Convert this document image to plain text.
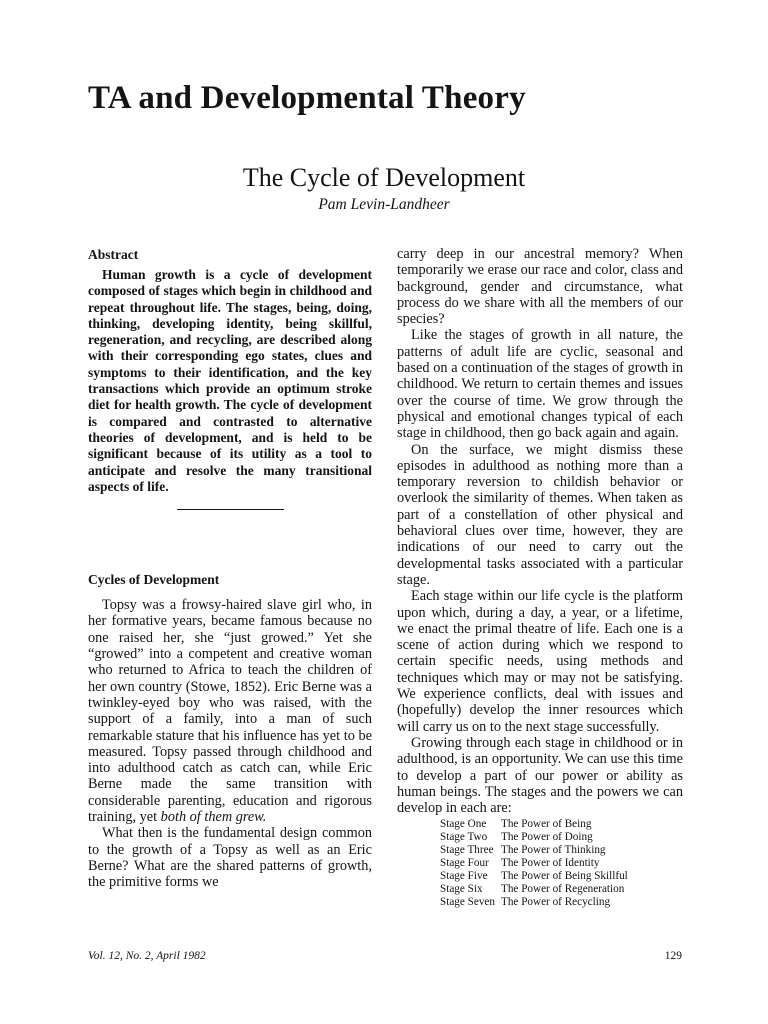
TA and Developmental Theory
The Cycle of Development
Pam Levin-Landheer
Abstract

Human growth is a cycle of development composed of stages which begin in childhood and repeat throughout life. The stages, being, doing, thinking, developing identity, being skillful, regeneration, and recycling, are described along with their corresponding ego states, clues and symptoms to their identification, and the key transactions which provide an optimum stroke diet for health growth. The cycle of development is compared and contrasted to alternative theories of development, and is held to be significant because of its utility as a tool to anticipate and resolve the many transitional aspects of life.

Cycles of Development

Topsy was a frowsy-haired slave girl who, in her formative years, became famous because no one raised her, she “just growed.” Yet she “growed” into a competent and creative woman who returned to Africa to teach the children of her own country (Stowe, 1852). Eric Berne was a twinkley-eyed boy who was raised, with the support of a family, into a man of such remarkable stature that his influence has yet to be measured. Topsy passed through childhood and into adulthood catch as catch can, while Eric Berne made the same transition with considerable parenting, education and rigorous training, yet both of them grew.

What then is the fundamental design common to the growth of a Topsy as well as an Eric Berne? What are the shared patterns of growth, the primitive forms we

carry deep in our ancestral memory? When temporarily we erase our race and color, class and background, gender and circumstance, what process do we share with all the members of our species?

Like the stages of growth in all nature, the patterns of adult life are cyclic, seasonal and based on a continuation of the stages of growth in childhood. We return to certain themes and issues over the course of time. We grow through the physical and emotional changes typical of each stage in childhood, then go back again and again.

On the surface, we might dismiss these episodes in adulthood as nothing more than a temporary reversion to childish behavior or overlook the similarity of themes. When taken as part of a constellation of other physical and behavioral clues over time, however, they are indications of our need to carry out the developmental tasks associated with a particular stage.

Each stage within our life cycle is the platform upon which, during a day, a year, or a lifetime, we enact the primal theatre of life. Each one is a scene of action during which we respond to certain specific needs, using methods and techniques which may or may not be satisfying. We experience conflicts, deal with issues and (hopefully) develop the inner resources which will carry us on to the next stage successfully.

Growing through each stage in childhood or in adulthood, is an opportunity. We can use this time to develop a part of our power or ability as human beings. The stages and the powers we can develop in each are:

Stage One	The Power of Being
Stage Two	The Power of Doing
Stage Three	The Power of Thinking
Stage Four	The Power of Identity
Stage Five	The Power of Being Skillful
Stage Six	The Power of Regeneration
Stage Seven	The Power of Recycling
Vol. 12, No. 2, April 1982	129
